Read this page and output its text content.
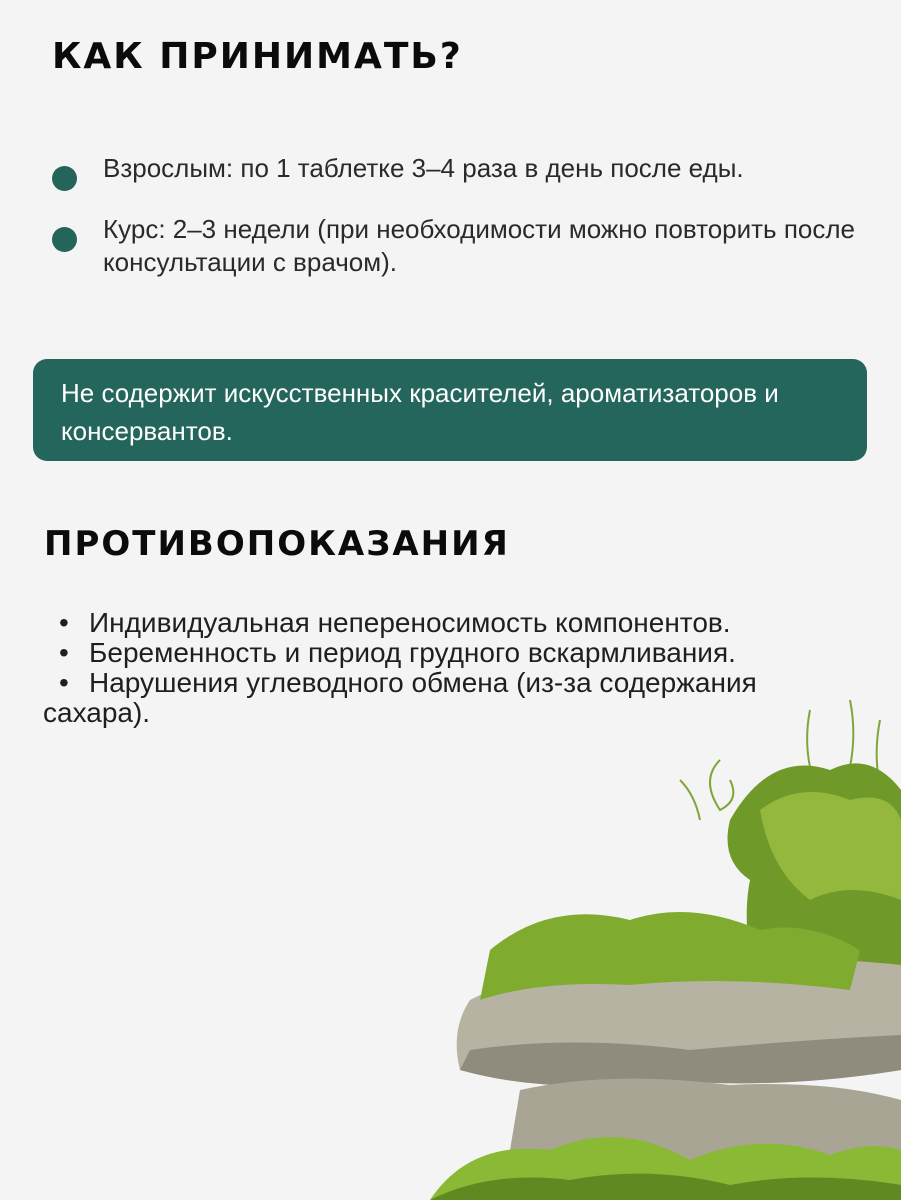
КАК ПРИНИМАТЬ?
Взрослым: по 1 таблетке 3–4 раза в день после еды.
Курс: 2–3 недели (при необходимости можно повторить после консультации с врачом).
Не содержит искусственных красителей, ароматизаторов и консервантов.
ПРОТИВОПОКАЗАНИЯ
• Индивидуальная непереносимость компонентов.
• Беременность и период грудного вскармливания.
• Нарушения углеводного обмена (из-за содержания сахара).
